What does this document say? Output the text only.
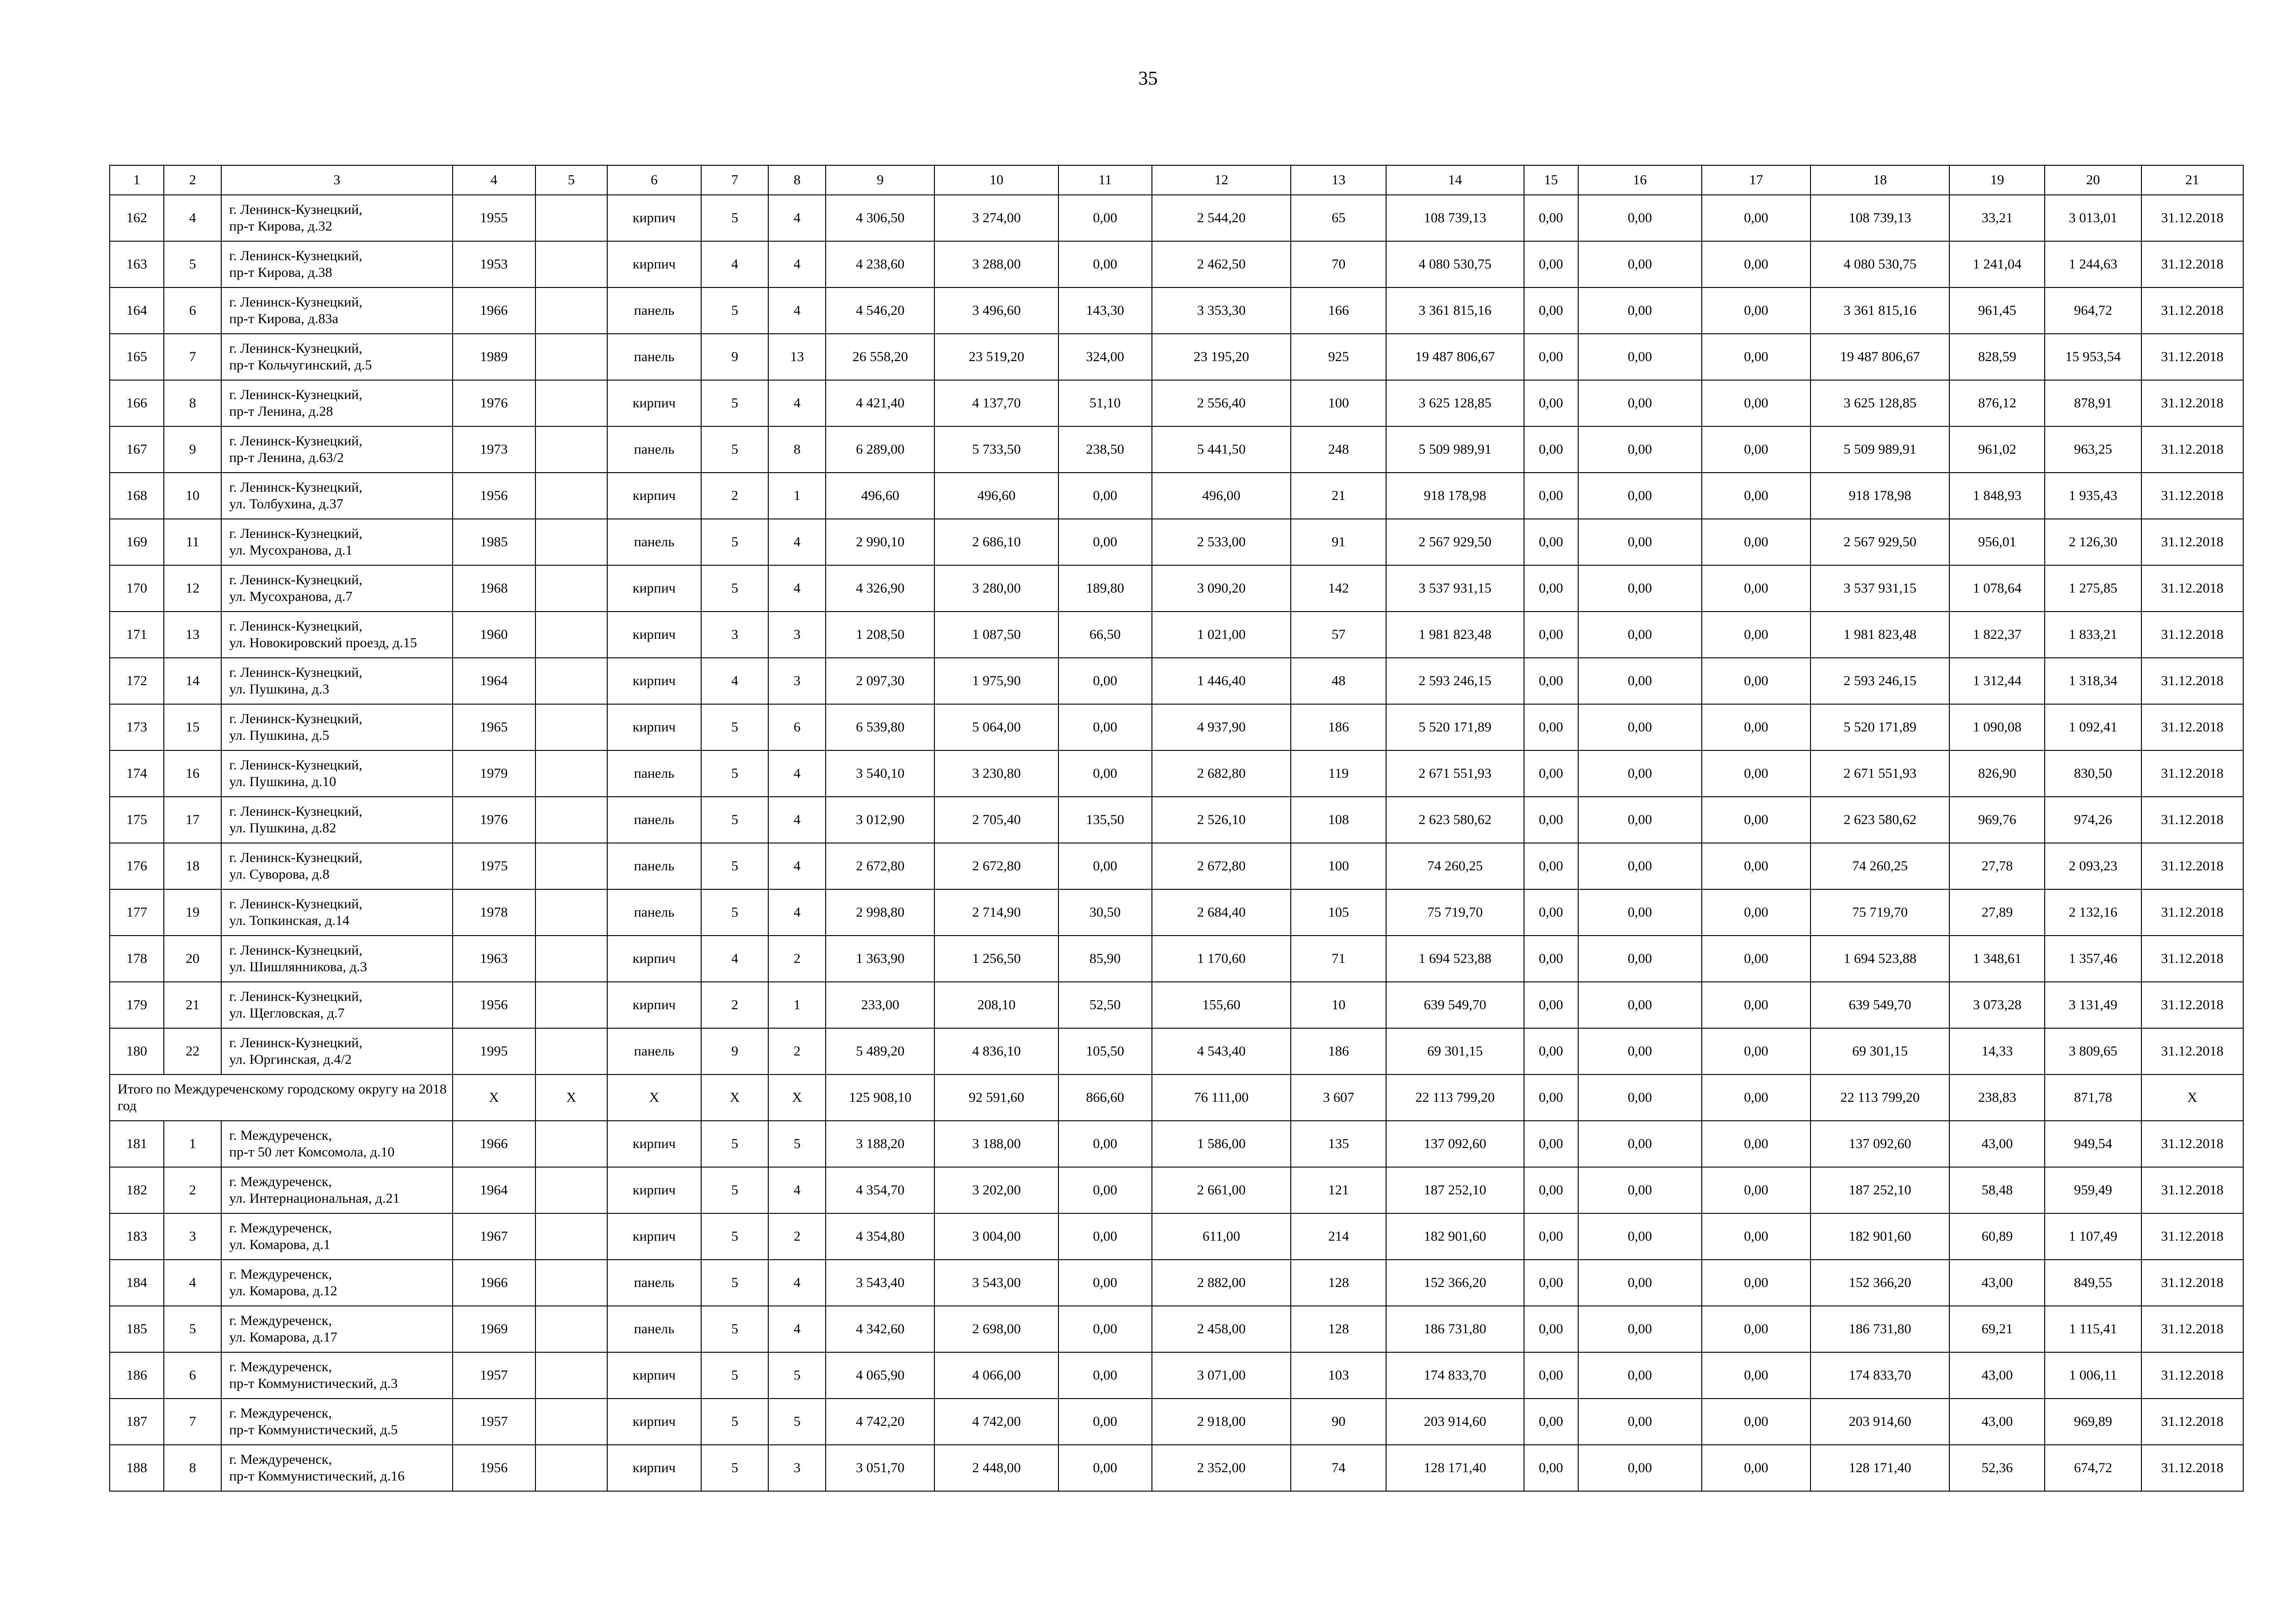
35
1	2	3	4	5	6	7	8	9	10	11	12	13	14	15	16	17	18	19	20	21
162	4	г. Ленинск-Кузнецкий,
пр-т Кирова, д.32	1955		кирпич	5	4	4 306,50	3 274,00	0,00	2 544,20	65	108 739,13	0,00	0,00	0,00	108 739,13	33,21	3 013,01	31.12.2018
163	5	г. Ленинск-Кузнецкий,
пр-т Кирова, д.38	1953		кирпич	4	4	4 238,60	3 288,00	0,00	2 462,50	70	4 080 530,75	0,00	0,00	0,00	4 080 530,75	1 241,04	1 244,63	31.12.2018
164	6	г. Ленинск-Кузнецкий,
пр-т Кирова, д.83а	1966		панель	5	4	4 546,20	3 496,60	143,30	3 353,30	166	3 361 815,16	0,00	0,00	0,00	3 361 815,16	961,45	964,72	31.12.2018
165	7	г. Ленинск-Кузнецкий,
пр-т Кольчугинский, д.5	1989		панель	9	13	26 558,20	23 519,20	324,00	23 195,20	925	19 487 806,67	0,00	0,00	0,00	19 487 806,67	828,59	15 953,54	31.12.2018
166	8	г. Ленинск-Кузнецкий,
пр-т Ленина, д.28	1976		кирпич	5	4	4 421,40	4 137,70	51,10	2 556,40	100	3 625 128,85	0,00	0,00	0,00	3 625 128,85	876,12	878,91	31.12.2018
167	9	г. Ленинск-Кузнецкий,
пр-т Ленина, д.63/2	1973		панель	5	8	6 289,00	5 733,50	238,50	5 441,50	248	5 509 989,91	0,00	0,00	0,00	5 509 989,91	961,02	963,25	31.12.2018
168	10	г. Ленинск-Кузнецкий,
ул. Толбухина, д.37	1956		кирпич	2	1	496,60	496,60	0,00	496,00	21	918 178,98	0,00	0,00	0,00	918 178,98	1 848,93	1 935,43	31.12.2018
169	11	г. Ленинск-Кузнецкий,
ул. Мусохранова, д.1	1985		панель	5	4	2 990,10	2 686,10	0,00	2 533,00	91	2 567 929,50	0,00	0,00	0,00	2 567 929,50	956,01	2 126,30	31.12.2018
170	12	г. Ленинск-Кузнецкий,
ул. Мусохранова, д.7	1968		кирпич	5	4	4 326,90	3 280,00	189,80	3 090,20	142	3 537 931,15	0,00	0,00	0,00	3 537 931,15	1 078,64	1 275,85	31.12.2018
171	13	г. Ленинск-Кузнецкий,
ул. Новокировский проезд, д.15	1960		кирпич	3	3	1 208,50	1 087,50	66,50	1 021,00	57	1 981 823,48	0,00	0,00	0,00	1 981 823,48	1 822,37	1 833,21	31.12.2018
172	14	г. Ленинск-Кузнецкий,
ул. Пушкина, д.3	1964		кирпич	4	3	2 097,30	1 975,90	0,00	1 446,40	48	2 593 246,15	0,00	0,00	0,00	2 593 246,15	1 312,44	1 318,34	31.12.2018
173	15	г. Ленинск-Кузнецкий,
ул. Пушкина, д.5	1965		кирпич	5	6	6 539,80	5 064,00	0,00	4 937,90	186	5 520 171,89	0,00	0,00	0,00	5 520 171,89	1 090,08	1 092,41	31.12.2018
174	16	г. Ленинск-Кузнецкий,
ул. Пушкина, д.10	1979		панель	5	4	3 540,10	3 230,80	0,00	2 682,80	119	2 671 551,93	0,00	0,00	0,00	2 671 551,93	826,90	830,50	31.12.2018
175	17	г. Ленинск-Кузнецкий,
ул. Пушкина, д.82	1976		панель	5	4	3 012,90	2 705,40	135,50	2 526,10	108	2 623 580,62	0,00	0,00	0,00	2 623 580,62	969,76	974,26	31.12.2018
176	18	г. Ленинск-Кузнецкий,
ул. Суворова, д.8	1975		панель	5	4	2 672,80	2 672,80	0,00	2 672,80	100	74 260,25	0,00	0,00	0,00	74 260,25	27,78	2 093,23	31.12.2018
177	19	г. Ленинск-Кузнецкий,
ул. Топкинская, д.14	1978		панель	5	4	2 998,80	2 714,90	30,50	2 684,40	105	75 719,70	0,00	0,00	0,00	75 719,70	27,89	2 132,16	31.12.2018
178	20	г. Ленинск-Кузнецкий,
ул. Шишлянникова, д.3	1963		кирпич	4	2	1 363,90	1 256,50	85,90	1 170,60	71	1 694 523,88	0,00	0,00	0,00	1 694 523,88	1 348,61	1 357,46	31.12.2018
179	21	г. Ленинск-Кузнецкий,
ул. Щегловская, д.7	1956		кирпич	2	1	233,00	208,10	52,50	155,60	10	639 549,70	0,00	0,00	0,00	639 549,70	3 073,28	3 131,49	31.12.2018
180	22	г. Ленинск-Кузнецкий,
ул. Юргинская, д.4/2	1995		панель	9	2	5 489,20	4 836,10	105,50	4 543,40	186	69 301,15	0,00	0,00	0,00	69 301,15	14,33	3 809,65	31.12.2018
Итого по Междуреченскому городскому округу на 2018 год			X	X	X	X	X	125 908,10	92 591,60	866,60	76 111,00	3 607	22 113 799,20	0,00	0,00	0,00	22 113 799,20	238,83	871,78	X
181	1	г. Междуреченск,
пр-т 50 лет Комсомола, д.10	1966		кирпич	5	5	3 188,20	3 188,00	0,00	1 586,00	135	137 092,60	0,00	0,00	0,00	137 092,60	43,00	949,54	31.12.2018
182	2	г. Междуреченск,
ул. Интернациональная, д.21	1964		кирпич	5	4	4 354,70	3 202,00	0,00	2 661,00	121	187 252,10	0,00	0,00	0,00	187 252,10	58,48	959,49	31.12.2018
183	3	г. Междуреченск,
ул. Комарова, д.1	1967		кирпич	5	2	4 354,80	3 004,00	0,00	611,00	214	182 901,60	0,00	0,00	0,00	182 901,60	60,89	1 107,49	31.12.2018
184	4	г. Междуреченск,
ул. Комарова, д.12	1966		панель	5	4	3 543,40	3 543,00	0,00	2 882,00	128	152 366,20	0,00	0,00	0,00	152 366,20	43,00	849,55	31.12.2018
185	5	г. Междуреченск,
ул. Комарова, д.17	1969		панель	5	4	4 342,60	2 698,00	0,00	2 458,00	128	186 731,80	0,00	0,00	0,00	186 731,80	69,21	1 115,41	31.12.2018
186	6	г. Междуреченск,
пр-т Коммунистический, д.3	1957		кирпич	5	5	4 065,90	4 066,00	0,00	3 071,00	103	174 833,70	0,00	0,00	0,00	174 833,70	43,00	1 006,11	31.12.2018
187	7	г. Междуреченск,
пр-т Коммунистический, д.5	1957		кирпич	5	5	4 742,20	4 742,00	0,00	2 918,00	90	203 914,60	0,00	0,00	0,00	203 914,60	43,00	969,89	31.12.2018
188	8	г. Междуреченск,
пр-т Коммунистический, д.16	1956		кирпич	5	3	3 051,70	2 448,00	0,00	2 352,00	74	128 171,40	0,00	0,00	0,00	128 171,40	52,36	674,72	31.12.2018
